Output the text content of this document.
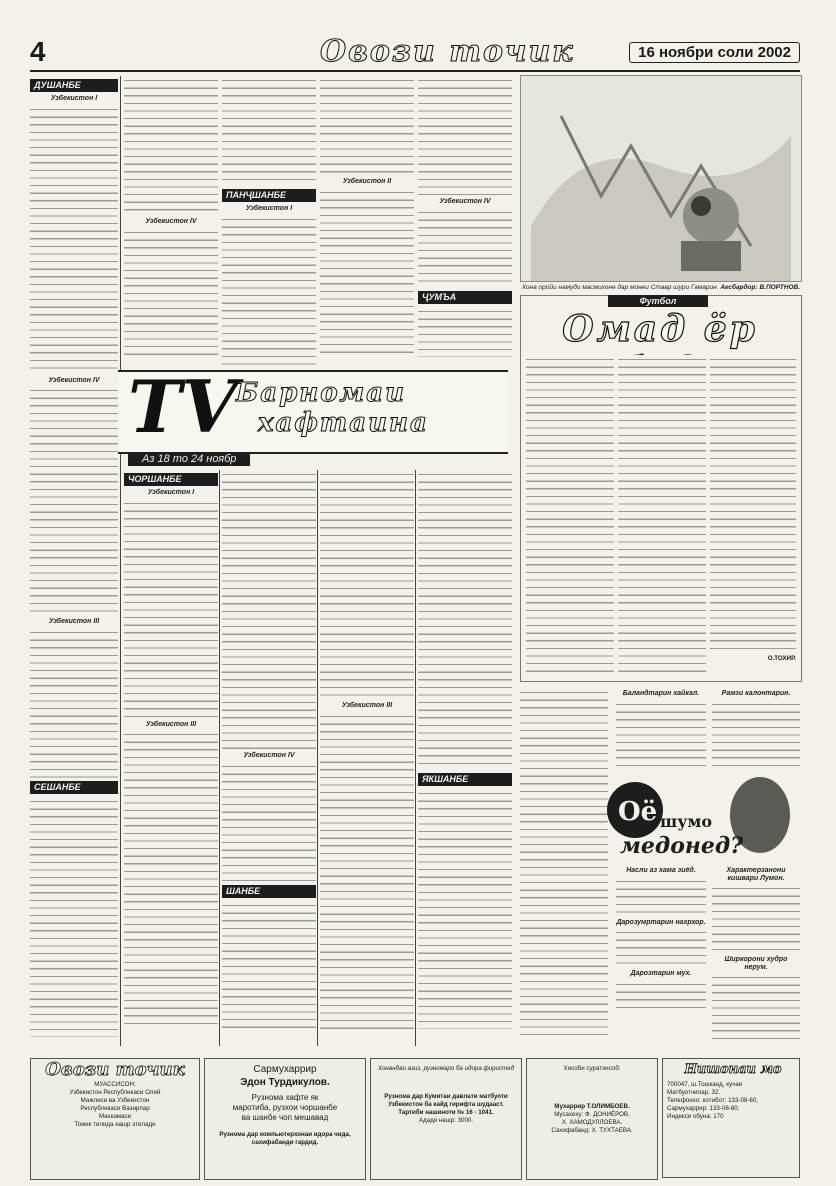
4	Овози точик	16 ноябри соли 2002
ДУШАНБЕ
Узбекистон I
Узбекистон IV
Узбекистон III
СЕШАНБЕ
Узбекистон IV
ПАНҶШАНБЕ
Узбекистон I
Узбекистон II
Узбекистон IV
ҶУМЪА
TV
Барномаи
хафтаина
Аз 18 то 24 ноябр
ЧОРШАНБЕ
Узбекистон I
Узбекистон III
Узбекистон IV
ШАНБЕ
Узбекистон III
ЯКШАНБЕ
Хона оройи намуди масмихоне дар монеи Ставр шури Гамарин. Аксбардор: В.ПОРТНОВ.
Футбол
Омад ёр
О.ТОХИР.
Баландтарин хайкал.	Рамзи калонтарин.
Оё шумо
медонед?
Насли аз хама зиёд.
Дарозумртарин нахрхор.
Дарозтарин мух.
Характерзанони кишвари Лумон.
Ширкорони худро нерум.
Овози точик
МУАССИСОН:
Узбекистон Республикаси Олий
Мажлиси ва Узбекистон
Республикаси Вазирлар
Махкамаси
Тожик тилида нашр этилади
Сармухаррир
Эдон Турдикулов.
Рузнома хафте як
маротиба, рузхои чоршанбе
ва шанбе чоп мешавад
Рузнома дар компьютерхонаи идора чида, сахифабанди гардид.
Хонандаи азиз, рузномаро ба идора фиристед
Рузнома дар Кумитаи давлати матбуоти
Узбекистон ба кайд гирифта шудааст.
Тартиби нашиноти № 16 - 1041.
Адади нашр: 3000.
Хисоби суратхисоб:
Мухаррир Т.ОЛИМБОЕВ.
Мусахеху: Ф. ДОНИЁРОВ,
Х. ХАМОДУЛЛОЕВА.
Сахифабанд: Х. ТУХТАЕВА.
Нишонаи мо
700047, ш.Тошканд, кучаи
Матбуотчилар, 32.
Телефонхо: котибот: 133-08-60,
Сармухаррир: 133-08-60.
Индекси обуна: 170
